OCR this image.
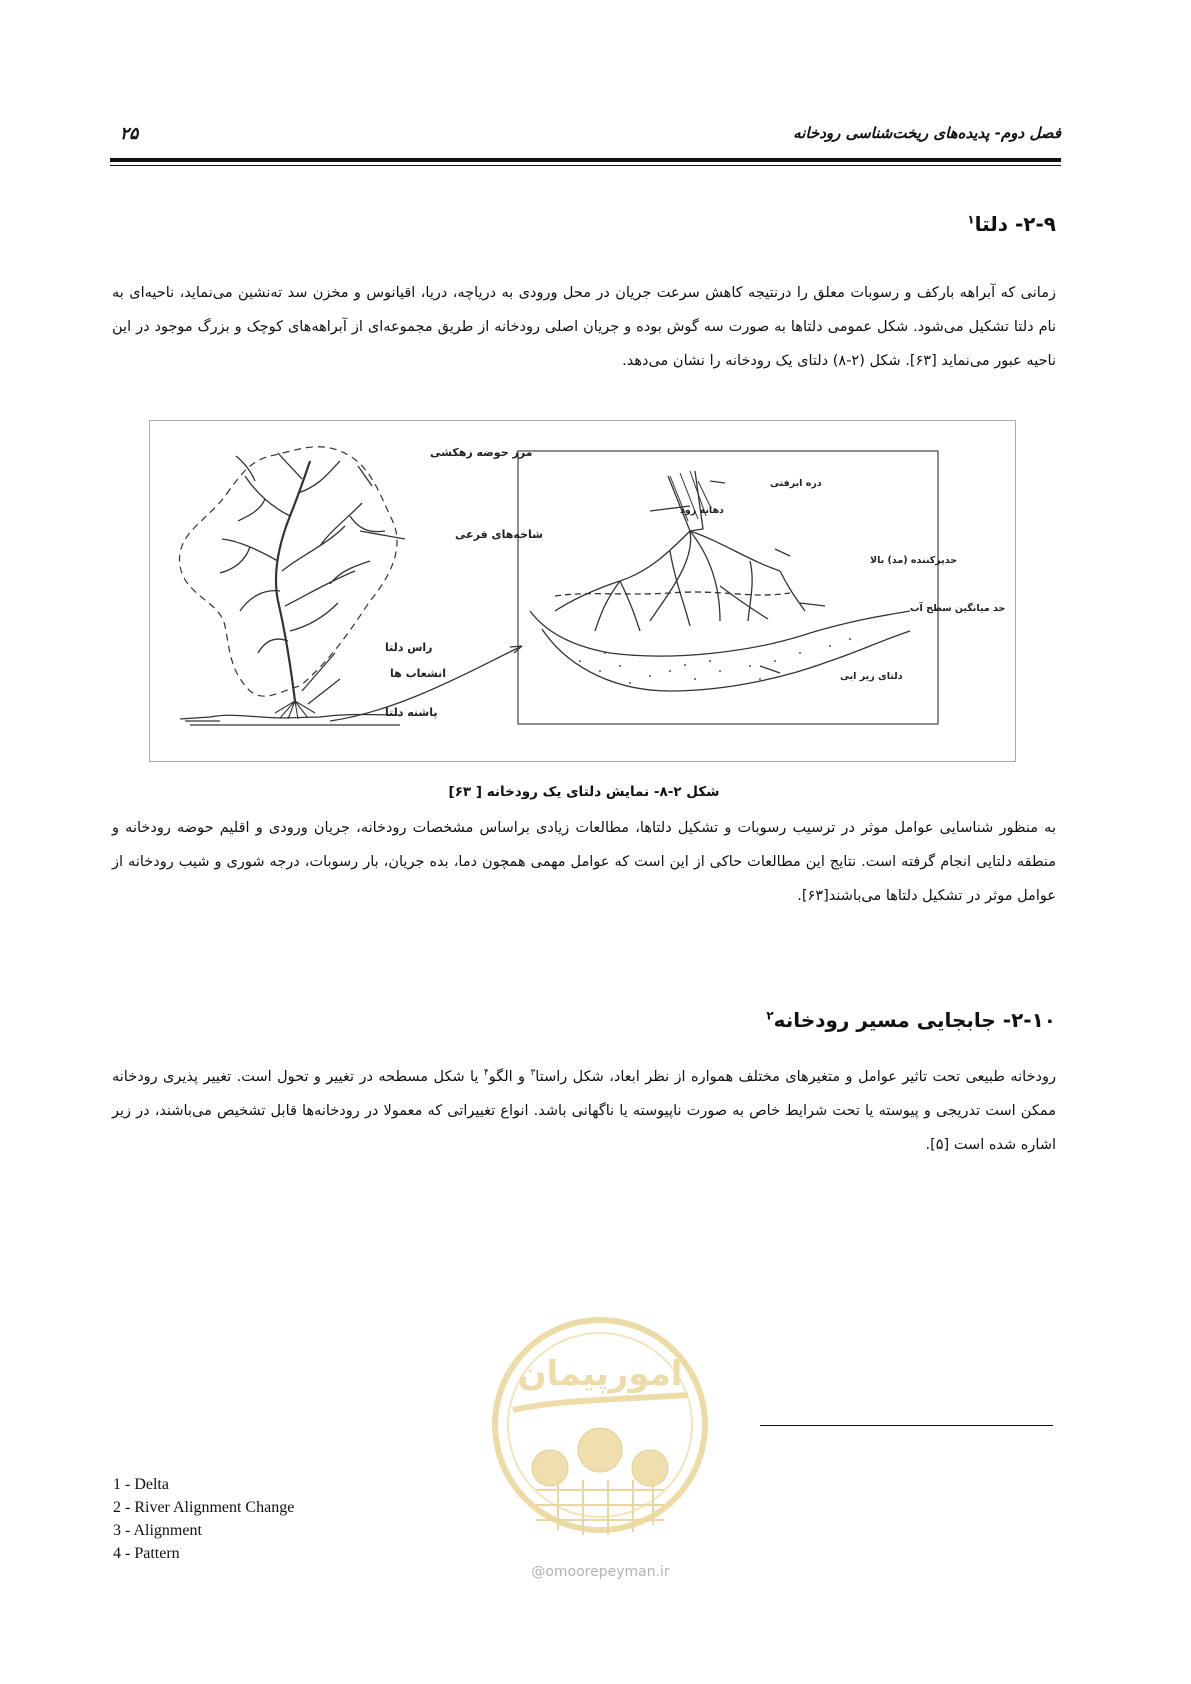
فصل دوم- پدیده‌های ریخت‌شناسی رودخانه
۲۵
۲-۹- دلتا$^۱$
زمانی که آبراهه بارکف و رسوبات معلق را درنتیجه کاهش سرعت جریان در محل ورودی به دریاچه، دریا، اقیانوس و مخزن سد ته‌نشین می‌نماید، ناحیه‌ای به نام دلتا تشکیل می‌شود. شکل عمومی دلتاها به صورت سه گوش بوده و جریان اصلی رودخانه از طریق مجموعه‌ای از آبراهه‌های کوچک و بزرگ موجود در این ناحیه عبور می‌نماید [۶۳]. شکل (۲-۸) دلتای یک رودخانه را نشان می‌دهد.
مرز حوضه زهکشی
شاخه‌های فرعی
راس دلتا
انشعاب ها
پاشنه دلتا
دره ابرفتی
دهانه رود
حدپرکننده (مد) بالا
حد میانگین سطح آب
دلتای زیر ابی
شکل ۲-۸- نمایش دلتای یک رودخانه [ ۶۳]
به منظور شناسایی عوامل موثر در ترسیب رسوبات و تشکیل دلتاها، مطالعات زیادی براساس مشخصات رودخانه، جریان ورودی و اقلیم حوضه رودخانه و منطقه دلتایی انجام گرفته است. نتایج این مطالعات حاکی از این است که عوامل مهمی همچون دما، بده جریان، بار رسوبات، درجه شوری و شیب رودخانه از عوامل موثر در تشکیل دلتاها می‌باشند[۶۳].
۲-۱۰- جابجایی مسیر رودخانه$^۲$
رودخانه طبیعی تحت تاثیر عوامل و متغیرهای مختلف همواره از نظر ابعاد، شکل راستا$^۳$ و الگو$^۴$ یا شکل مسطحه در تغییر و تحول است. تغییر پذیری رودخانه ممکن است تدریجی و پیوسته یا تحت شرایط خاص به صورت ناپیوسته یا ناگهانی باشد. انواع تغییراتی که معمولا در رودخانه‌ها قابل تشخیص می‌باشند، در زیر اشاره شده است [۵].
1 - Delta
2 - River Alignment Change
3 - Alignment
4 - Pattern
امورپیمان
@omoorepeyman.ir
